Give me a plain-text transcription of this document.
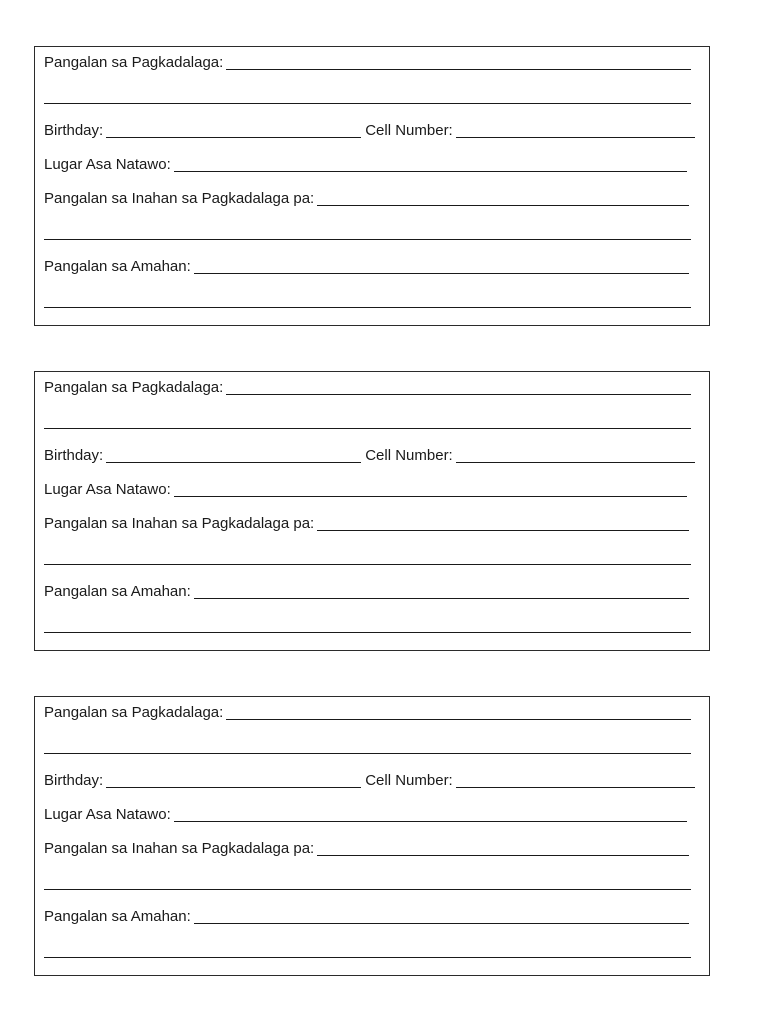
Pangalan sa Pagkadalaga:
Birthday:	Cell Number:
Lugar Asa Natawo:
Pangalan sa Inahan sa Pagkadalaga pa:
Pangalan sa Amahan:
Pangalan sa Pagkadalaga:
Birthday:	Cell Number:
Lugar Asa Natawo:
Pangalan sa Inahan sa Pagkadalaga pa:
Pangalan sa Amahan:
Pangalan sa Pagkadalaga:
Birthday:	Cell Number:
Lugar Asa Natawo:
Pangalan sa Inahan sa Pagkadalaga pa:
Pangalan sa Amahan:
